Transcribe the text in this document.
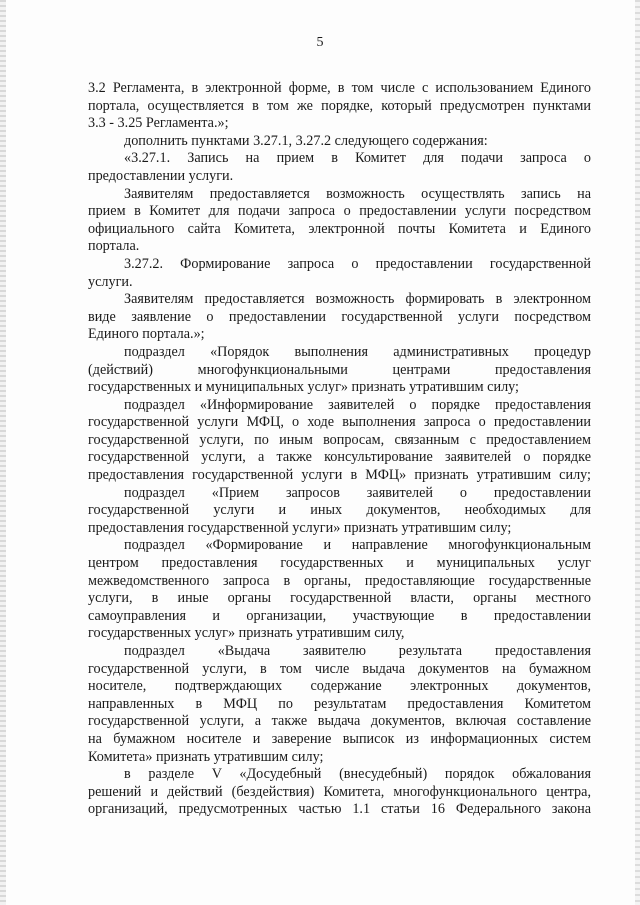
5
3.2 Регламента, в электронной форме, в том числе с использованием Единого
портала, осуществляется в том же порядке, который предусмотрен пунктами
3.3 - 3.25 Регламента.»;
дополнить пунктами 3.27.1, 3.27.2 следующего содержания:
«3.27.1. Запись на прием в Комитет для подачи запроса о
предоставлении услуги.
Заявителям предоставляется возможность осуществлять запись на
прием в Комитет для подачи запроса о предоставлении услуги посредством
официального сайта Комитета, электронной почты Комитета и Единого
портала.
3.27.2. Формирование запроса о предоставлении государственной
услуги.
Заявителям предоставляется возможность формировать в электронном
виде заявление о предоставлении государственной услуги посредством
Единого портала.»;
подраздел «Порядок выполнения административных процедур
(действий) многофункциональными центрами предоставления
государственных и муниципальных услуг» признать утратившим силу;
подраздел «Информирование заявителей о порядке предоставления
государственной услуги МФЦ, о ходе выполнения запроса о предоставлении
государственной услуги, по иным вопросам, связанным с предоставлением
государственной услуги, а также консультирование заявителей о порядке
предоставления государственной услуги в МФЦ» признать утратившим силу;
подраздел «Прием запросов заявителей о предоставлении
государственной услуги и иных документов, необходимых для
предоставления государственной услуги» признать утратившим силу;
подраздел «Формирование и направление многофункциональным
центром предоставления государственных и муниципальных услуг
межведомственного запроса в органы, предоставляющие государственные
услуги, в иные органы государственной власти, органы местного
самоуправления и организации, участвующие в предоставлении
государственных услуг» признать утратившим силу,
подраздел «Выдача заявителю результата предоставления
государственной услуги, в том числе выдача документов на бумажном
носителе, подтверждающих содержание электронных документов,
направленных в МФЦ по результатам предоставления Комитетом
государственной услуги, а также выдача документов, включая составление
на бумажном носителе и заверение выписок из информационных систем
Комитета» признать утратившим силу;
в разделе V «Досудебный (внесудебный) порядок обжалования
решений и действий (бездействия) Комитета, многофункционального центра,
организаций, предусмотренных частью 1.1 статьи 16 Федерального закона
